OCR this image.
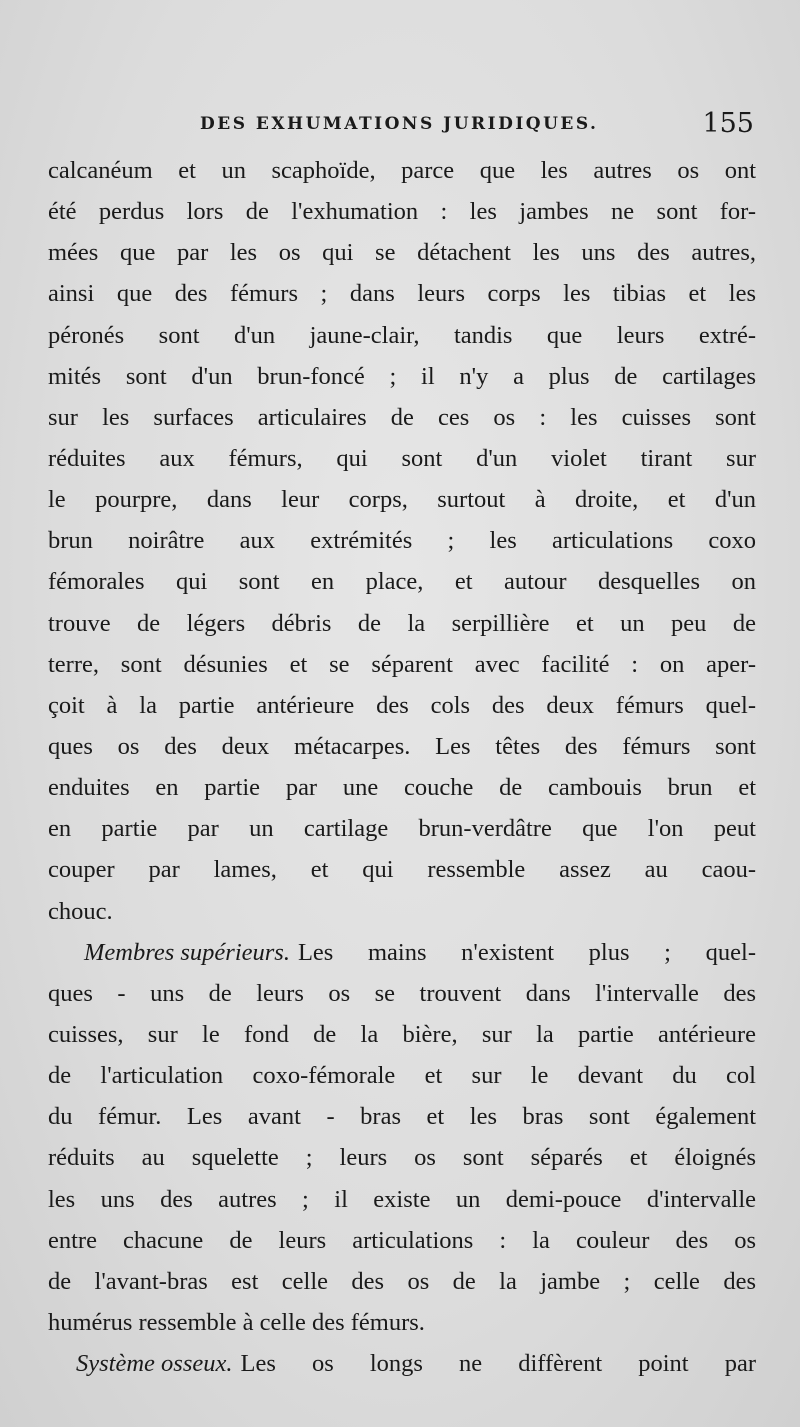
DES EXHUMATIONS JURIDIQUES.	155
calcanéum et un scaphoïde, parce que les autres os ont
été perdus lors de l'exhumation : les jambes ne sont for-
mées que par les os qui se détachent les uns des autres,
ainsi que des fémurs ; dans leurs corps les tibias et les
péronés sont d'un jaune-clair, tandis que leurs extré-
mités sont d'un brun-foncé ; il n'y a plus de cartilages
sur les surfaces articulaires de ces os : les cuisses sont
réduites aux fémurs, qui sont d'un violet tirant sur
le pourpre, dans leur corps, surtout à droite, et d'un
brun noirâtre aux extrémités ; les articulations coxo
fémorales qui sont en place, et autour desquelles on
trouve de légers débris de la serpillière et un peu de
terre, sont désunies et se séparent avec facilité : on aper-
çoit à la partie antérieure des cols des deux fémurs quel-
ques os des deux métacarpes. Les têtes des fémurs sont
enduites en partie par une couche de cambouis brun et
en partie par un cartilage brun-verdâtre que l'on peut
couper par lames, et qui ressemble assez au caou-
chouc.
Membres supérieurs. Les mains n'existent plus ; quel-
ques - uns de leurs os se trouvent dans l'intervalle des
cuisses, sur le fond de la bière, sur la partie antérieure
de l'articulation coxo-fémorale et sur le devant du col
du fémur. Les avant - bras et les bras sont également
réduits au squelette ; leurs os sont séparés et éloignés
les uns des autres ; il existe un demi-pouce d'intervalle
entre chacune de leurs articulations : la couleur des os
de l'avant-bras est celle des os de la jambe ; celle des
humérus ressemble à celle des fémurs.
Système osseux. Les os longs ne diffèrent point par
